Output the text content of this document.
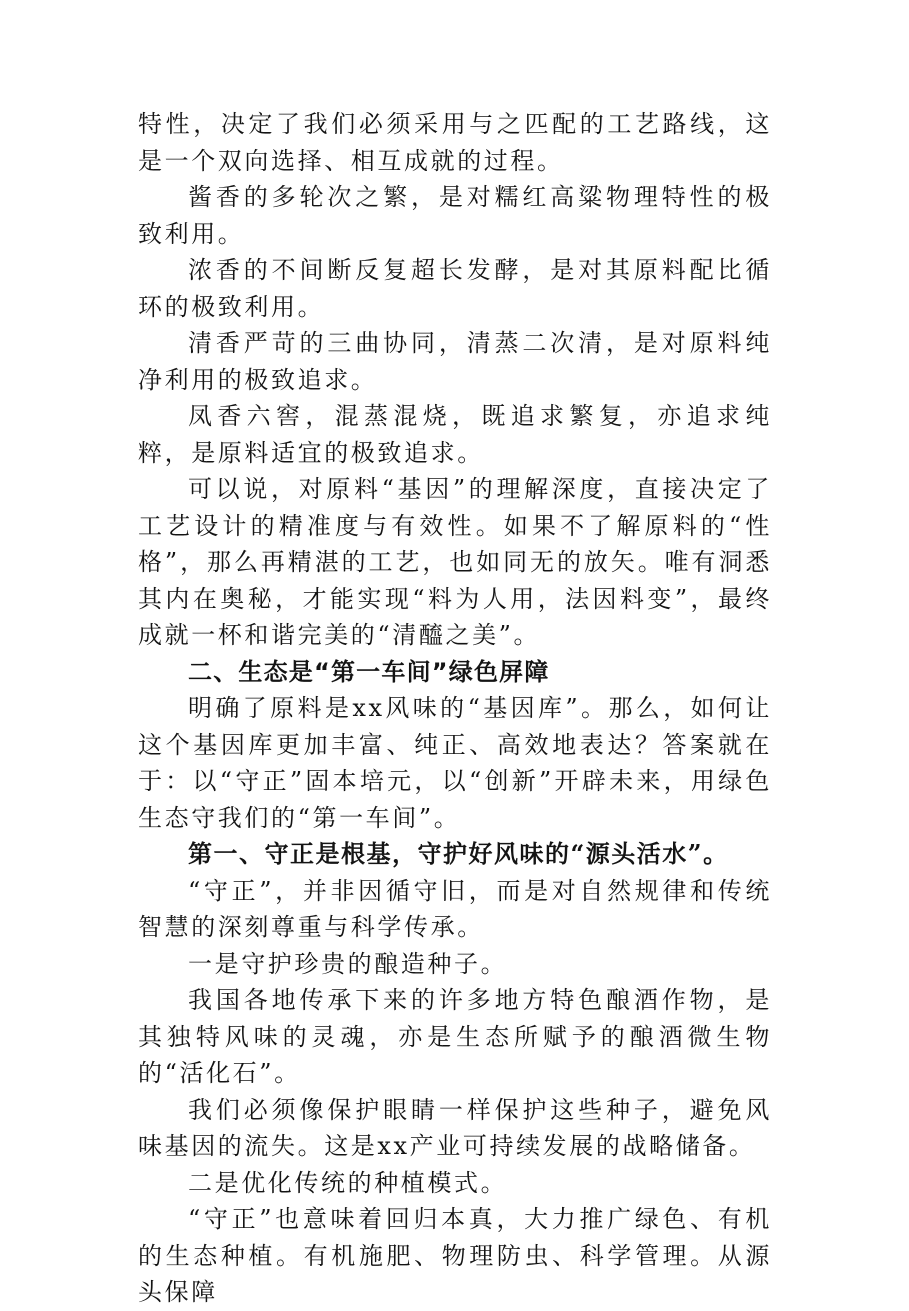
特性，决定了我们必须采用与之匹配的工艺路线，这是一个双向选择、相互成就的过程。

酱香的多轮次之繁，是对糯红高粱物理特性的极致利用。

浓香的不间断反复超长发酵，是对其原料配比循环的极致利用。

清香严苛的三曲协同，清蒸二次清，是对原料纯净利用的极致追求。

凤香六窖，混蒸混烧，既追求繁复，亦追求纯粹，是原料适宜的极致追求。

可以说，对原料“基因”的理解深度，直接决定了工艺设计的精准度与有效性。如果不了解原料的“性格”，那么再精湛的工艺，也如同无的放矢。唯有洞悉其内在奥秘，才能实现“料为人用，法因料变”，最终成就一杯和谐完美的“清醯之美”。

二、生态是“第一车间”绿色屏障

明确了原料是xx风味的“基因库”。那么，如何让这个基因库更加丰富、纯正、高效地表达？答案就在于：以“守正”固本培元，以“创新”开辟未来，用绿色生态守我们的“第一车间”。

第一、守正是根基，守护好风味的“源头活水”。

“守正”，并非因循守旧，而是对自然规律和传统智慧的深刻尊重与科学传承。

一是守护珍贵的酿造种子。

我国各地传承下来的许多地方特色酿酒作物，是其独特风味的灵魂，亦是生态所赋予的酿酒微生物的“活化石”。

我们必须像保护眼睛一样保护这些种子，避免风味基因的流失。这是xx产业可持续发展的战略储备。

二是优化传统的种植模式。

“守正”也意味着回归本真，大力推广绿色、有机的生态种植。有机施肥、物理防虫、科学管理。从源头保障
